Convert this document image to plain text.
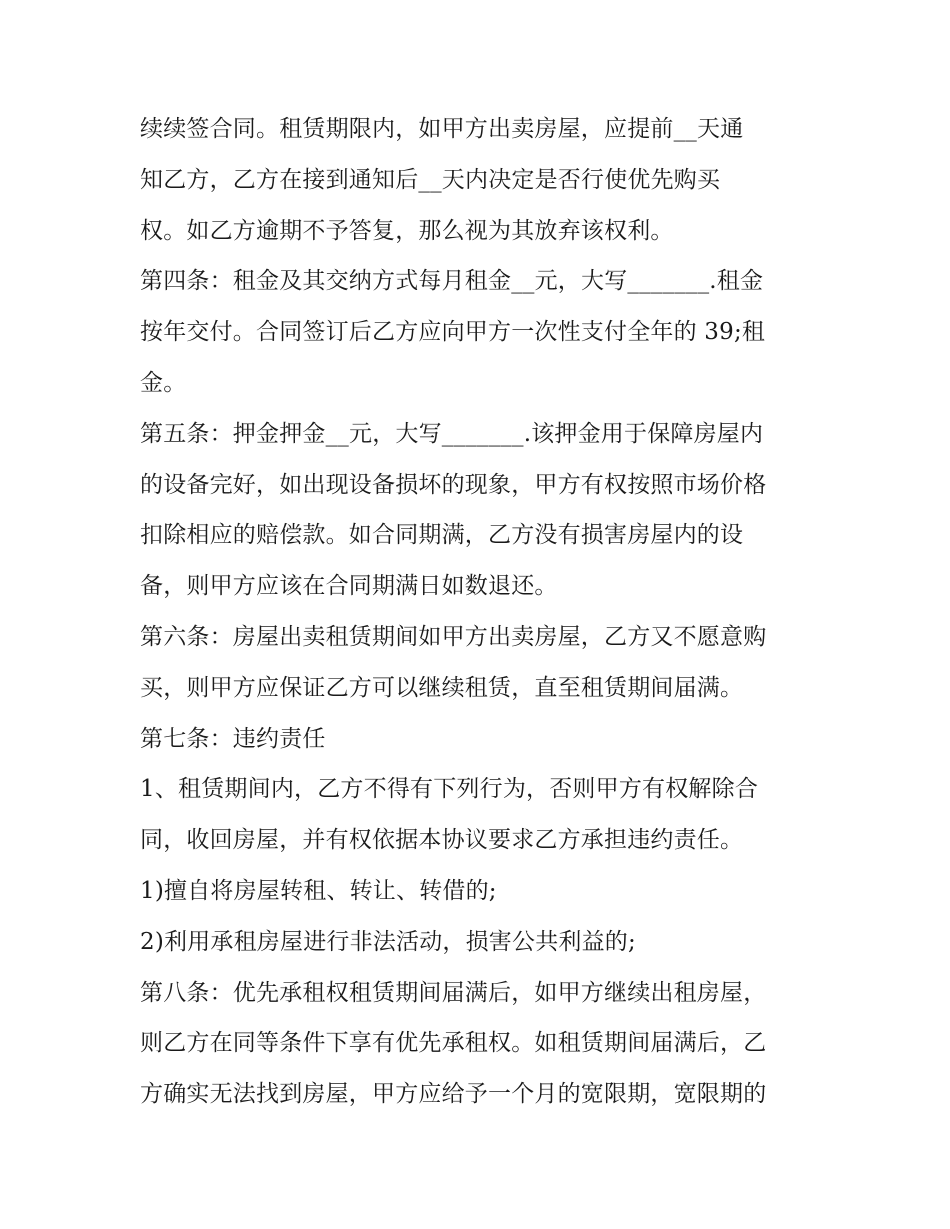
续续签合同。租赁期限内，如甲方出卖房屋，应提前__天通
知乙方，乙方在接到通知后__天内决定是否行使优先购买
权。如乙方逾期不予答复，那么视为其放弃该权利。
第四条：租金及其交纳方式每月租金__元，大写_______.租金
按年交付。合同签订后乙方应向甲方一次性支付全年的 39;租
金。
第五条：押金押金__元，大写_______.该押金用于保障房屋内
的设备完好，如出现设备损坏的现象，甲方有权按照市场价格
扣除相应的赔偿款。如合同期满，乙方没有损害房屋内的设
备，则甲方应该在合同期满日如数退还。
第六条：房屋出卖租赁期间如甲方出卖房屋，乙方又不愿意购
买，则甲方应保证乙方可以继续租赁，直至租赁期间届满。
第七条：违约责任
1、租赁期间内，乙方不得有下列行为，否则甲方有权解除合
同，收回房屋，并有权依据本协议要求乙方承担违约责任。
1)擅自将房屋转租、转让、转借的;
2)利用承租房屋进行非法活动，损害公共利益的;
第八条：优先承租权租赁期间届满后，如甲方继续出租房屋，
则乙方在同等条件下享有优先承租权。如租赁期间届满后，乙
方确实无法找到房屋，甲方应给予一个月的宽限期，宽限期的
